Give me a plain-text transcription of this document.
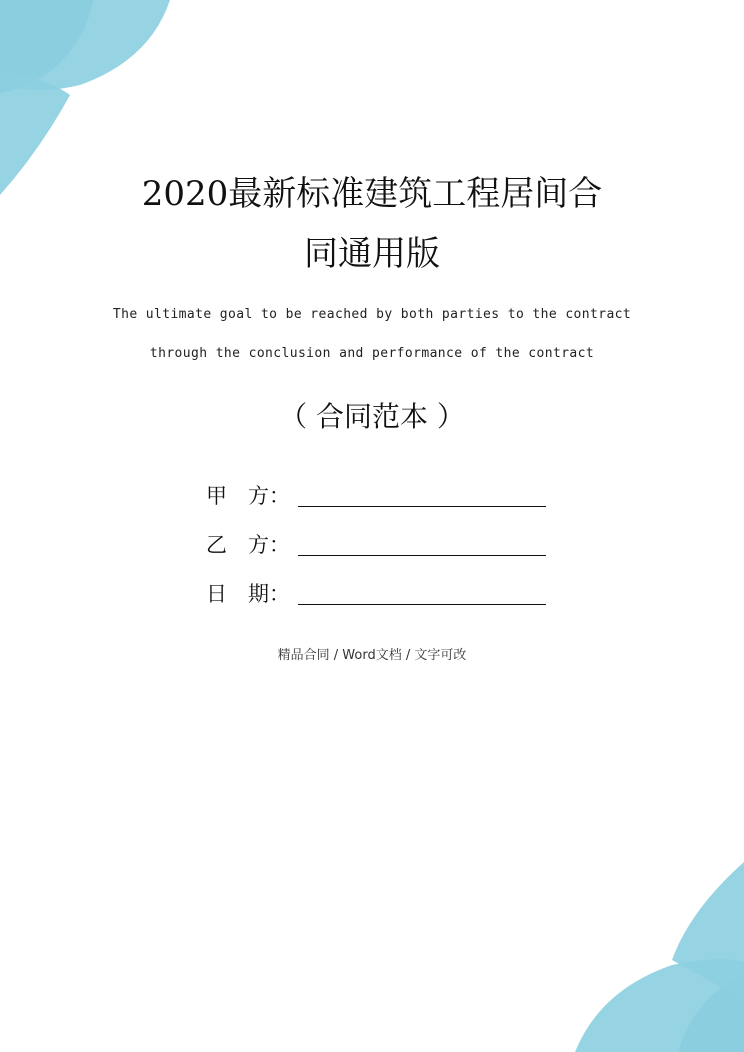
2020最新标准建筑工程居间合
同通用版
The ultimate goal to be reached by both parties to the contract
through the conclusion and performance of the contract
（ 合同范本 ）
甲　方：
乙　方：
日　期：
精品合同 / Word文档 / 文字可改
